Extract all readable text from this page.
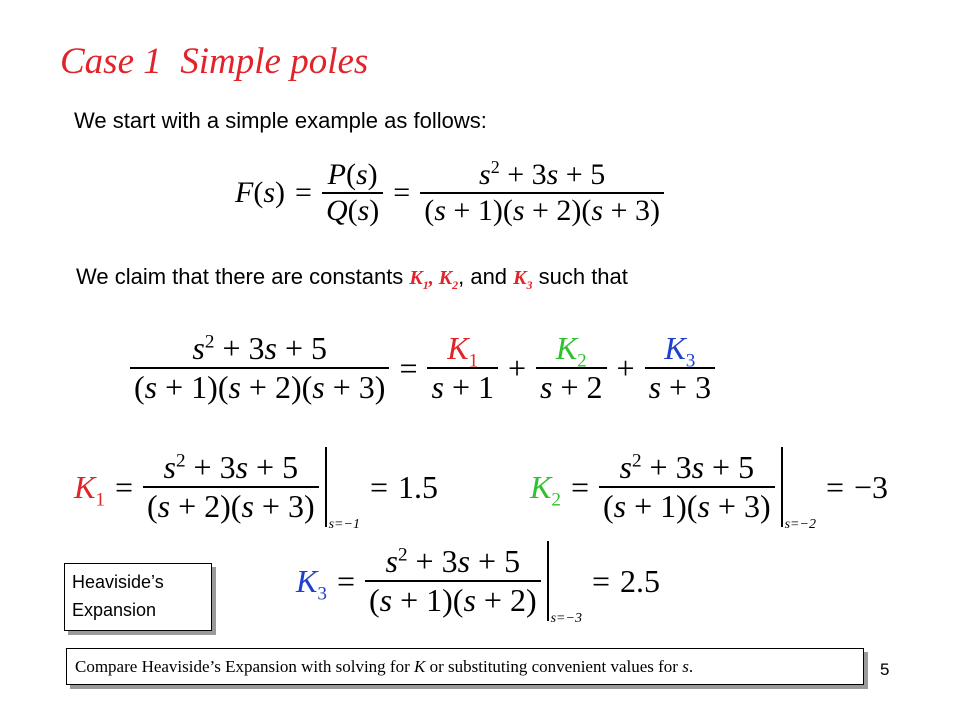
Case 1  Simple poles
We start with a simple example as follows:
F ( s ) = $\frac{P(s)}{Q(s)} = \frac{s^2 + 3s + 5}{(s + 1)(s + 2)(s + 3)}$
We claim that there are constants $K_1$, $K_2$, and $K_3$ such that
$\frac{s^2 + 3s + 5}{(s + 1)(s + 2)(s + 3)} = \frac{K_1}{s + 1} + \frac{K_2}{s + 2} + \frac{K_3}{s + 3}$
$K_1 = \frac{s^2 + 3s + 5}{(s + 2)(s + 3)} s=-1$
= 1.5	$K_2 = \frac{s^2 + 3s + 5}{(s + 1)(s + 3)} s=-2$
= −3
$K_3 = \frac{s^2 + 3s + 5}{(s + 1)(s + 2)} s=-3$
= 2.5
Heaviside’s
Expansion
Compare Heaviside’s Expansion with solving for K or substituting convenient values for s.	5
